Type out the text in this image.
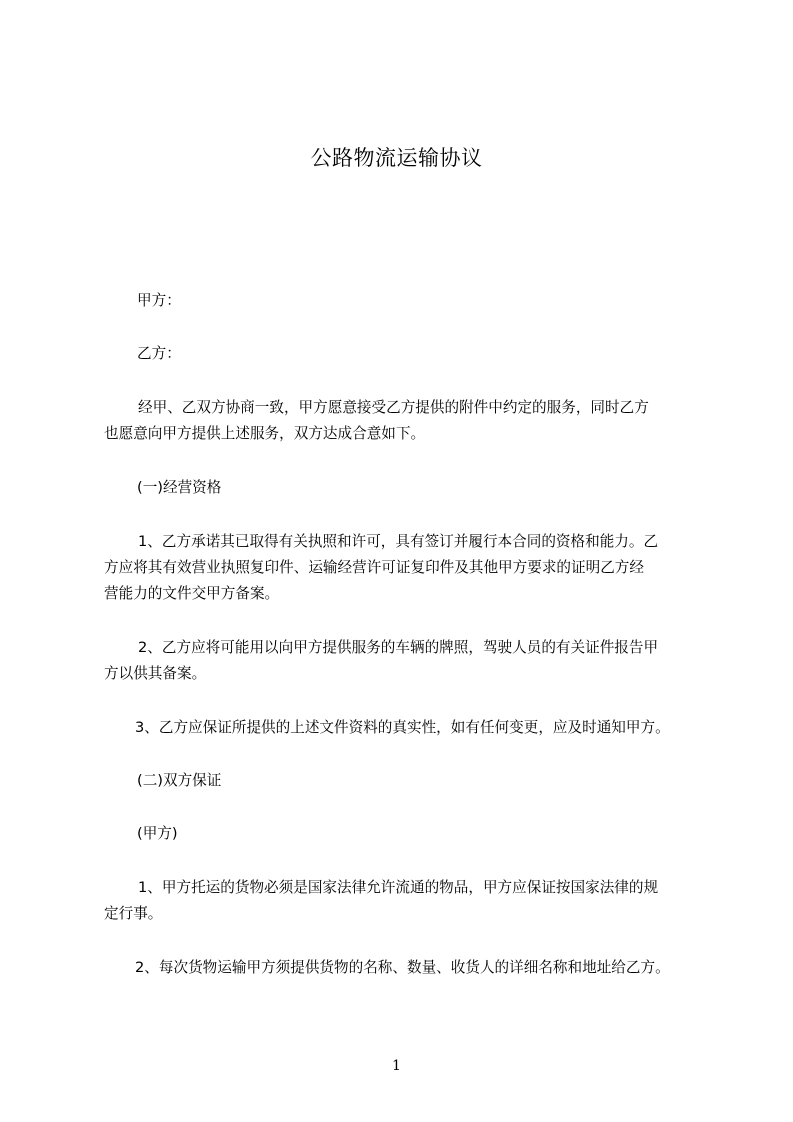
公路物流运输协议
甲方：
乙方：
经甲、乙双方协商一致，甲方愿意接受乙方提供的附件中约定的服务，同时乙方
也愿意向甲方提供上述服务，双方达成合意如下。
(一)经营资格
1、乙方承诺其已取得有关执照和许可，具有签订并履行本合同的资格和能力。乙
方应将其有效营业执照复印件、运输经营许可证复印件及其他甲方要求的证明乙方经
营能力的文件交甲方备案。
2、乙方应将可能用以向甲方提供服务的车辆的牌照，驾驶人员的有关证件报告甲
方以供其备案。
3、乙方应保证所提供的上述文件资料的真实性，如有任何变更，应及时通知甲方。
(二)双方保证
(甲方)
1、甲方托运的货物必须是国家法律允许流通的物品，甲方应保证按国家法律的规
定行事。
2、每次货物运输甲方须提供货物的名称、数量、收货人的详细名称和地址给乙方。
1
